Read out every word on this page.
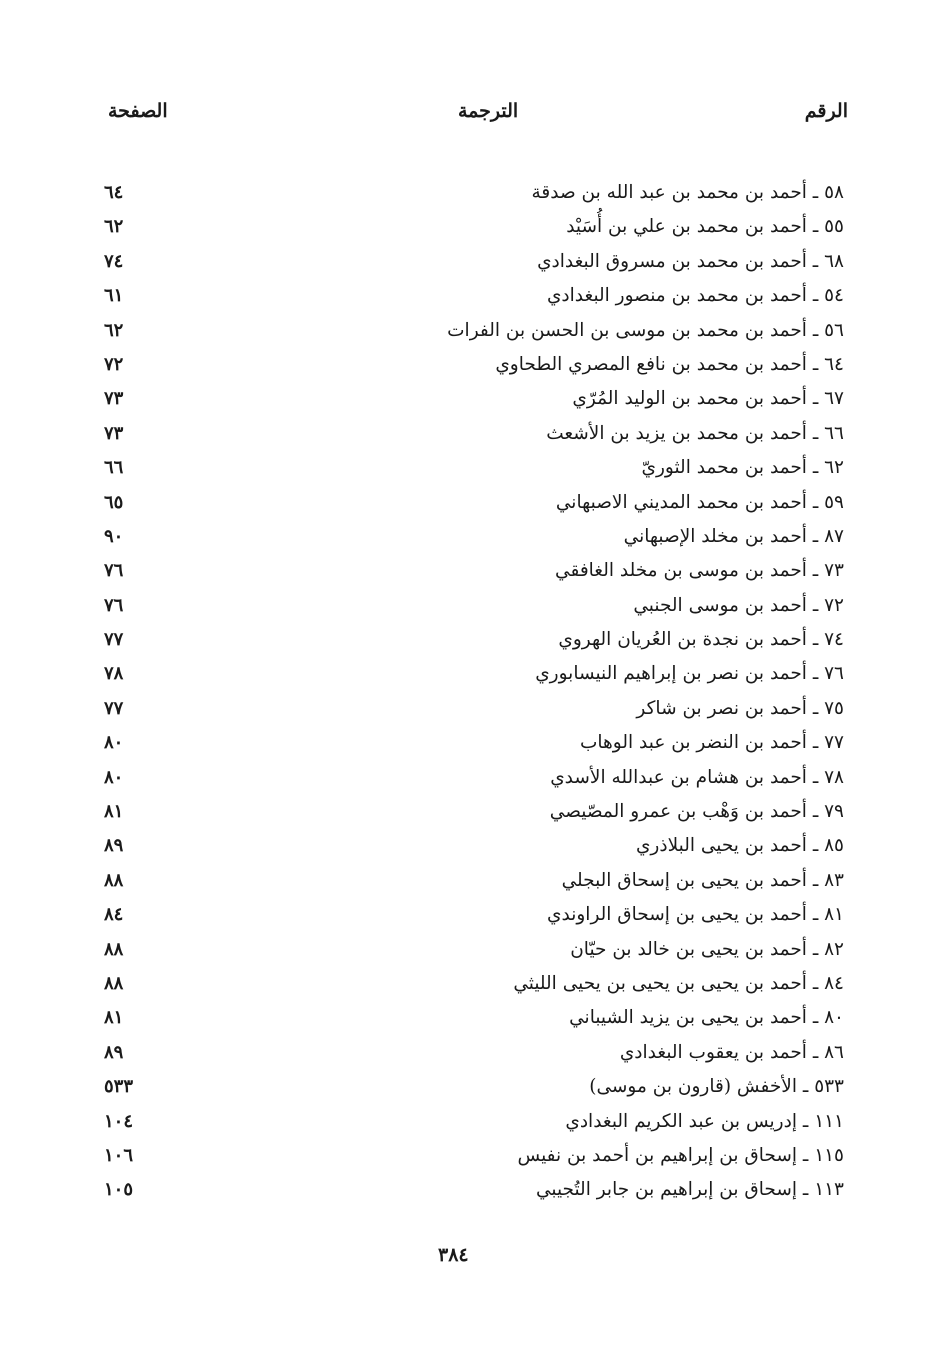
الرقم
الترجمة
الصفحة
٥٨ ـ أحمد بن محمد بن عبد الله بن صدقة
٦٤
٥٥ ـ أحمد بن محمد بن علي بن أُسَيْد
٦٢
٦٨ ـ أحمد بن محمد بن مسروق البغدادي
٧٤
٥٤ ـ أحمد بن محمد بن منصور البغدادي
٦١
٥٦ ـ أحمد بن محمد بن موسى بن الحسن بن الفرات
٦٢
٦٤ ـ أحمد بن محمد بن نافع المصري الطحاوي
٧٢
٦٧ ـ أحمد بن محمد بن الوليد المُرّي
٧٣
٦٦ ـ أحمد بن محمد بن يزيد بن الأشعث
٧٣
٦٢ ـ أحمد بن محمد الثوريّ
٦٦
٥٩ ـ أحمد بن محمد المديني الاصبهاني
٦٥
٨٧ ـ أحمد بن مخلد الإصبهاني
٩٠
٧٣ ـ أحمد بن موسى بن مخلد الغافقي
٧٦
٧٢ ـ أحمد بن موسى الجنبي
٧٦
٧٤ ـ أحمد بن نجدة بن العُريان الهروي
٧٧
٧٦ ـ أحمد بن نصر بن إبراهيم النيسابوري
٧٨
٧٥ ـ أحمد بن نصر بن شاكر
٧٧
٧٧ ـ أحمد بن النضر بن عبد الوهاب
٨٠
٧٨ ـ أحمد بن هشام بن عبدالله الأسدي
٨٠
٧٩ ـ أحمد بن وَهْب بن عمرو المصّيصي
٨١
٨٥ ـ أحمد بن يحيى البلاذري
٨٩
٨٣ ـ أحمد بن يحيى بن إسحاق البجلي
٨٨
٨١ ـ أحمد بن يحيى بن إسحاق الراوندي
٨٤
٨٢ ـ أحمد بن يحيى بن خالد بن حيّان
٨٨
٨٤ ـ أحمد بن يحيى بن يحيى بن يحيى الليثي
٨٨
٨٠ ـ أحمد بن يحيى بن يزيد الشيباني
٨١
٨٦ ـ أحمد بن يعقوب البغدادي
٨٩
٥٣٣ ـ الأخفش (قارون بن موسى)
٥٣٣
١١١ ـ إدريس بن عبد الكريم البغدادي
١٠٤
١١٥ ـ إسحاق بن إبراهيم بن أحمد بن نفيس
١٠٦
١١٣ ـ إسحاق بن إبراهيم بن جابر التُجيبي
١٠٥
٣٨٤
